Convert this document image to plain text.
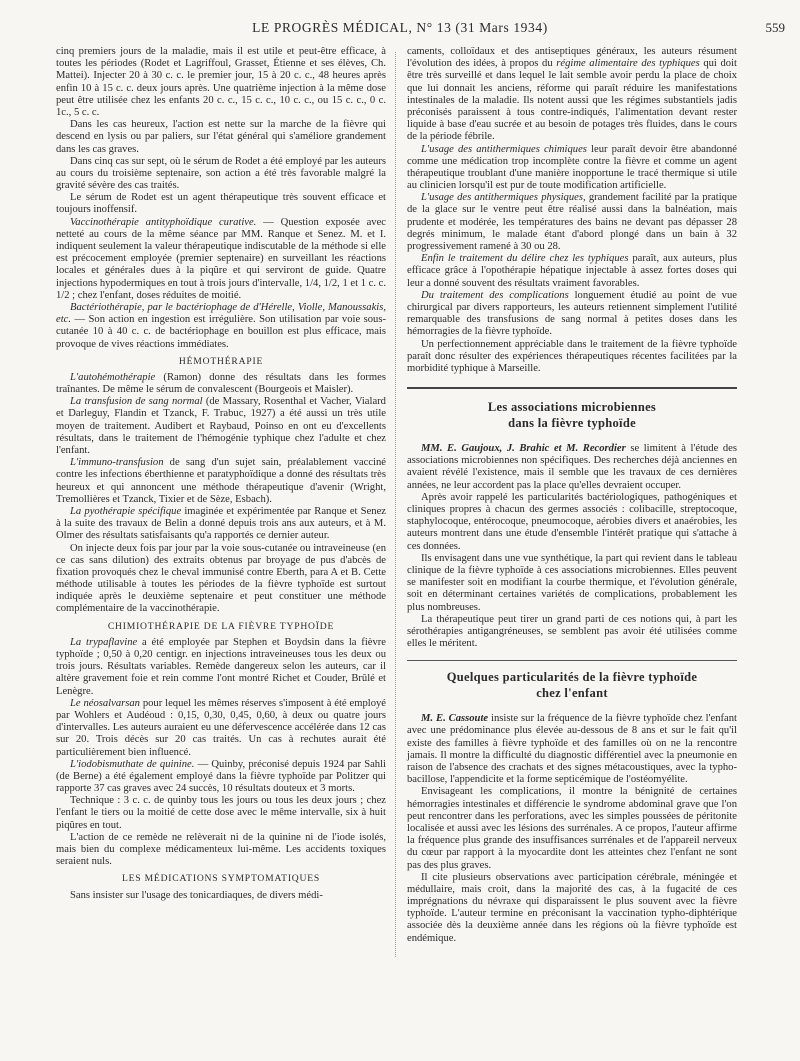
LE PROGRÈS MÉDICAL, N° 13 (31 Mars 1934)	559

cinq premiers jours de la maladie, mais il est utile et peut-être efficace, à toutes les périodes (Rodet et Lagriffoul, Grasset, Étienne et ses élèves, Ch. Mattei). Injecter 20 à 30 c. c. le premier jour, 15 à 20 c. c., 48 heures après enfin 10 à 15 c. c. deux jours après. Une quatrième injection à la même dose peut être utilisée chez les enfants 20 c. c., 15 c. c., 10 c. c., ou 15 c. c., 0 c. 1c., 5 c. c.

Dans les cas heureux, l'action est nette sur la marche de la fièvre qui descend en lysis ou par paliers, sur l'état général qui s'améliore grandement dans les cas graves.

Dans cinq cas sur sept, où le sérum de Rodet a été employé par les auteurs au cours du troisième septenaire, son action a été très favorable malgré la gravité sévère des cas traités.

Le sérum de Rodet est un agent thérapeutique très souvent efficace et toujours inoffensif.

Vaccinothérapie antityphoïdique curative. — Question exposée avec netteté au cours de la même séance par MM. Ranque et Senez. M. et I. indiquent seulement la valeur thérapeutique indiscutable de la méthode si elle est précocement employée (premier septenaire) en surveillant les réactions locales et générales dues à la piqûre et qui serviront de guide. Quatre injections hypodermiques en tout à trois jours d'intervalle, 1/4, 1/2, 1 et 1 c. c. 1/2 ; chez l'enfant, doses réduites de moitié.

Bactériothérapie, par le bactériophage de d'Hérelle, Violle, Manoussakis, etc. — Son action en ingestion est irrégulière. Son utilisation par voie sous-cutanée 10 à 40 c. c. de bactériophage en bouillon est plus efficace, mais provoque de vives réactions immédiates.

HÉMOTHÉRAPIE

L'autohémothérapie (Ramon) donne des résultats dans les formes traînantes. De même le sérum de convalescent (Bourgeois et Maisler).

La transfusion de sang normal (de Massary, Rosenthal et Vacher, Vialard et Darleguy, Flandin et Tzanck, F. Trabuc, 1927) a été aussi un très utile moyen de traitement. Audibert et Raybaud, Poinso en ont eu d'excellents résultats, dans le traitement de l'hémogénie typhique chez l'adulte et chez l'enfant.

L'immuno-transfusion de sang d'un sujet sain, préalablement vacciné contre les infections éberthienne et paratyphoïdique a donné des résultats très heureux et qui annoncent une méthode thérapeutique d'avenir (Wright, Tremollières et Tzanck, Tixier et de Sèze, Esbach).

La pyothérapie spécifique imaginée et expérimentée par Ranque et Senez à la suite des travaux de Belin a donné depuis trois ans aux auteurs, et à M. Olmer des résultats satisfaisants qu'a rapportés ce dernier auteur.

On injecte deux fois par jour par la voie sous-cutanée ou intraveineuse (en ce cas sans dilution) des extraits obtenus par broyage de pus d'abcès de fixation provoqués chez le cheval immunisé contre Eberth, para A et B. Cette méthode utilisable à toutes les périodes de la fièvre typhoïde est surtout indiquée après le deuxième septenaire et peut constituer une méthode complémentaire de la vaccinothérapie.

CHIMIOTHÉRAPIE DE LA FIÈVRE TYPHOÏDE

La trypaflavine a été employée par Stephen et Boydsin dans la fièvre typhoïde ; 0,50 à 0,20 centigr. en injections intraveineuses tous les deux ou trois jours. Résultats variables. Remède dangereux selon les auteurs, car il altère gravement foie et rein comme l'ont montré Richet et Couder, Brûlé et Lenègre.

Le néosalvarsan pour lequel les mêmes réserves s'imposent à été employé par Wohlers et Audéoud : 0,15, 0,30, 0,45, 0,60, à deux ou quatre jours d'intervalles. Les auteurs auraient eu une défervescence accélérée dans 12 cas sur 20. Trois décès sur 20 cas traités. Un cas à rechutes aurait été particulièrement bien influencé.

L'iodobismuthate de quinine. — Quinby, préconisé depuis 1924 par Sahli (de Berne) a été également employé dans la fièvre typhoïde par Politzer qui rapporte 37 cas graves avec 24 succès, 10 résultats douteux et 3 morts.

Technique : 3 c. c. de quinby tous les jours ou tous les deux jours ; chez l'enfant le tiers ou la moitié de cette dose avec le même intervalle, six à huit piqûres en tout.

L'action de ce remède ne relèverait ni de la quinine ni de l'iode isolés, mais bien du complexe médicamenteux lui-même. Les accidents toxiques seraient nuls.

LES MÉDICATIONS SYMPTOMATIQUES

Sans insister sur l'usage des tonicardiaques, de divers médi-

caments, colloïdaux et des antiseptiques généraux, les auteurs résument l'évolution des idées, à propos du régime alimentaire des typhiques qui doit être très surveillé et dans lequel le lait semble avoir perdu la place de choix que lui donnait les anciens, réforme qui paraît réduire les manifestations intestinales de la maladie. Ils notent aussi que les régimes substantiels jadis préconisés paraissent à tous contre-indiqués, l'alimentation devant rester liquide à base d'eau sucrée et au besoin de potages très fluides, dans le cours de la période fébrile.

L'usage des antithermiques chimiques leur paraît devoir être abandonné comme une médication trop incomplète contre la fièvre et comme un agent thérapeutique troublant d'une manière inopportune le tracé thermique si utile au clinicien lorsqu'il est pur de toute modification artificielle.

L'usage des antithermiques physiques, grandement facilité par la pratique de la glace sur le ventre peut être réalisé aussi dans la balnéation, mais prudente et modérée, les températures des bains ne devant pas dépasser 28 degrés minimum, le malade étant d'abord plongé dans un bain à 32 progressivement ramené à 30 ou 28.

Enfin le traitement du délire chez les typhiques paraît, aux auteurs, plus efficace grâce à l'opothérapie hépatique injectable à assez fortes doses qui leur a donné souvent des résultats vraiment favorables.

Du traitement des complications longuement étudié au point de vue chirurgical par divers rapporteurs, les auteurs retiennent simplement l'utilité remarquable des transfusions de sang normal à petites doses dans les hémorragies de la fièvre typhoïde.

Un perfectionnement appréciable dans le traitement de la fièvre typhoïde paraît donc résulter des expériences thérapeutiques récentes facilitées par la morbidité typhique à Marseille.

Les associations microbiennes
dans la fièvre typhoïde

MM. E. Gaujoux, J. Brahic et M. Recordier se limitent à l'étude des associations microbiennes non spécifiques. Des recherches déjà anciennes en avaient révélé l'existence, mais il semble que les travaux de ces dernières années, ne leur accordent pas la place qu'elles devraient occuper.

Après avoir rappelé les particularités bactériologiques, pathogéniques et cliniques propres à chacun des germes associés : colibacille, streptocoque, staphylocoque, entérocoque, pneumocoque, aérobies divers et anaérobies, les auteurs montrent dans une étude d'ensemble l'intérêt pratique qui s'attache à ces données.

Ils envisagent dans une vue synthétique, la part qui revient dans le tableau clinique de la fièvre typhoïde à ces associations microbiennes. Elles peuvent se manifester soit en modifiant la courbe thermique, et l'évolution générale, soit en déterminant certaines variétés de complications, probablement les plus nombreuses.

La thérapeutique peut tirer un grand parti de ces notions qui, à part les sérothérapies antigangréneuses, se semblent pas avoir été utilisées comme elles le méritent.

Quelques particularités de la fièvre typhoïde
chez l'enfant

M. E. Cassoute insiste sur la fréquence de la fièvre typhoïde chez l'enfant avec une prédominance plus élevée au-dessous de 8 ans et sur le fait qu'il existe des familles à fièvre typhoïde et des familles où on ne la rencontre jamais. Il montre la difficulté du diagnostic différentiel avec la pneumonie en raison de l'absence des crachats et des signes métacoustiques, avec la typho-bacillose, l'appendicite et la forme septicémique de l'ostéomyélite.

Envisageant les complications, il montre la bénignité de certaines hémorragies intestinales et différencie le syndrome abdominal grave que l'on peut rencontrer dans les perforations, avec les simples poussées de péritonite localisée et aussi avec les lésions des surrénales. A ce propos, l'auteur affirme la fréquence plus grande des insuffisances surrénales et de l'appareil nerveux du cœur par rapport à la myocardite dont les atteintes chez l'enfant ne sont pas des plus graves.

Il cite plusieurs observations avec participation cérébrale, méningée et médullaire, mais croit, dans la majorité des cas, à la fugacité de ces imprégnations du névraxe qui disparaissent le plus souvent avec la fièvre typhoïde. L'auteur termine en préconisant la vaccination typho-diphtérique associée dès la deuxième année dans les régions où la fièvre typhoïde est endémique.
